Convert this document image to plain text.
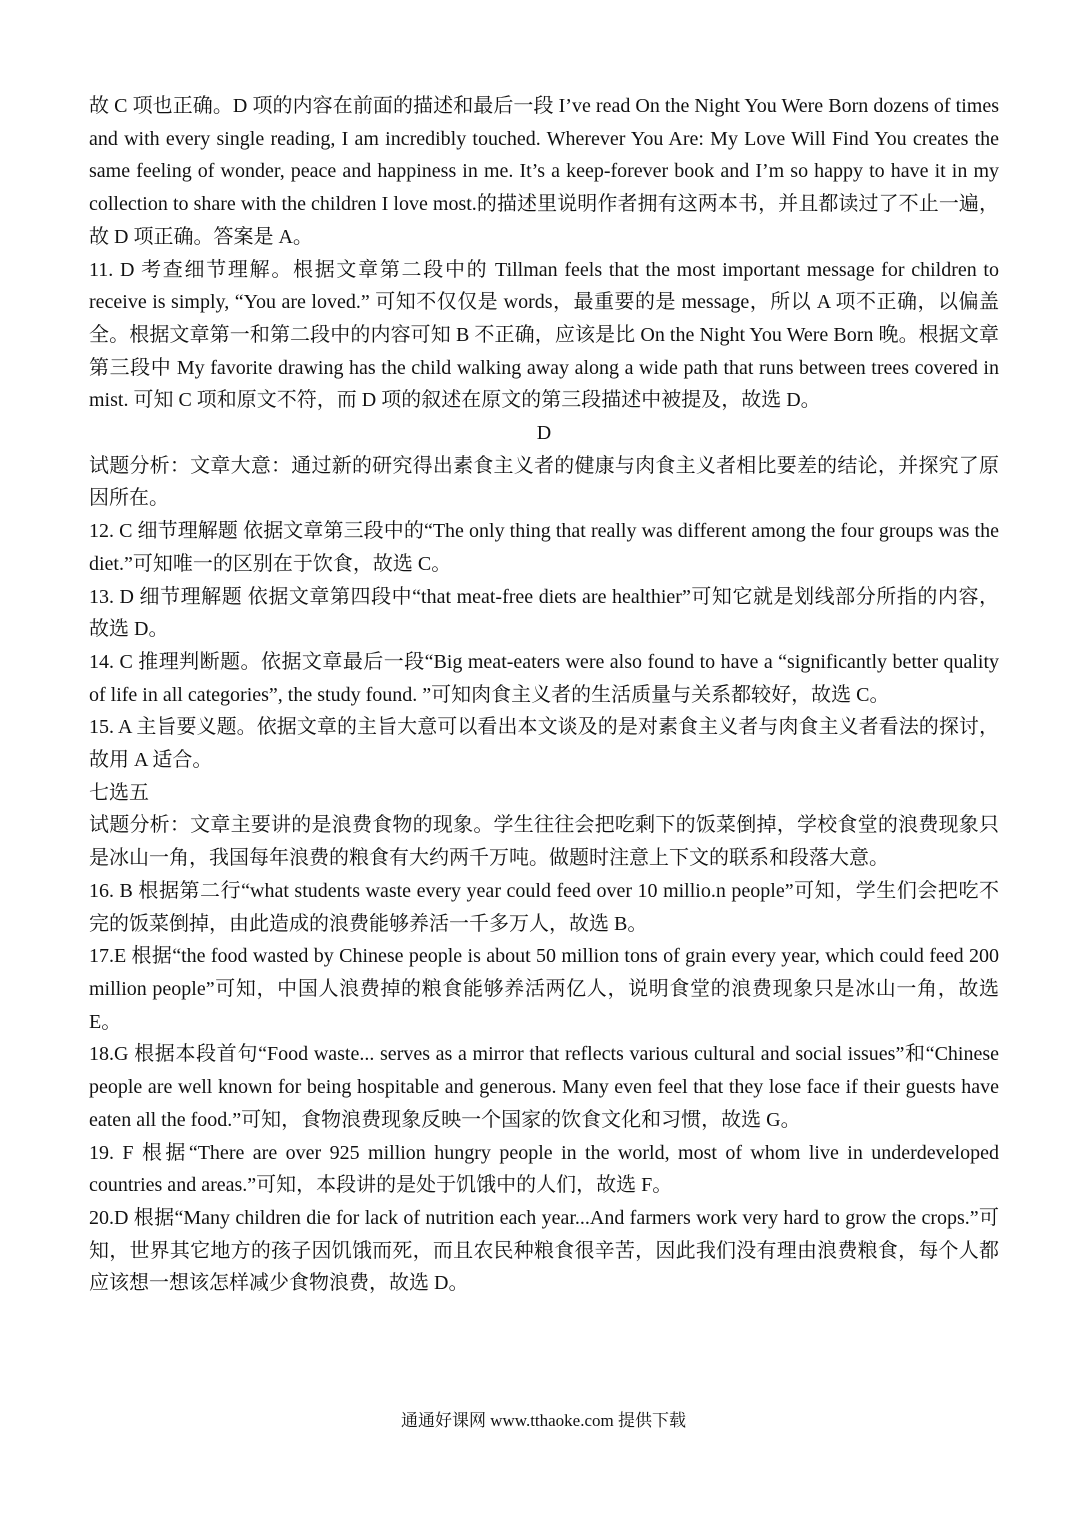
故 C 项也正确。D 项的内容在前面的描述和最后一段 I’ve read On the Night You Were Born dozens of times and with every single reading, I am incredibly touched. Wherever You Are: My Love Will Find You creates the same feeling of wonder, peace and happiness in me. It’s a keep-forever book and I’m so happy to have it in my collection to share with the children I love most.的描述里说明作者拥有这两本书，并且都读过了不止一遍，故 D 项正确。答案是 A。

11. D 考查细节理解。根据文章第二段中的 Tillman feels that the most important message for children to receive is simply, “You are loved.” 可知不仅仅是 words，最重要的是 message，所以 A 项不正确，以偏盖全。根据文章第一和第二段中的内容可知 B 不正确，应该是比 On the Night You Were Born 晚。根据文章第三段中 My favorite drawing has the child walking away along a wide path that runs between trees covered in mist. 可知 C 项和原文不符，而 D 项的叙述在原文的第三段描述中被提及，故选 D。

D

试题分析：文章大意：通过新的研究得出素食主义者的健康与肉食主义者相比要差的结论，并探究了原因所在。

12. C 细节理解题 依据文章第三段中的“The only thing that really was different among the four groups was the diet.”可知唯一的区别在于饮食，故选 C。

13. D 细节理解题 依据文章第四段中“that meat-free diets are healthier”可知它就是划线部分所指的内容，故选 D。

14. C 推理判断题。依据文章最后一段“Big meat-eaters were also found to have a “significantly better quality of life in all categories”, the study found. ”可知肉食主义者的生活质量与关系都较好，故选 C。

15. A 主旨要义题。依据文章的主旨大意可以看出本文谈及的是对素食主义者与肉食主义者看法的探讨，故用 A 适合。

七选五

试题分析：文章主要讲的是浪费食物的现象。学生往往会把吃剩下的饭菜倒掉，学校食堂的浪费现象只是冰山一角，我国每年浪费的粮食有大约两千万吨。做题时注意上下文的联系和段落大意。

16. B 根据第二行“what students waste every year could feed over 10 millio.n people”可知，学生们会把吃不完的饭菜倒掉，由此造成的浪费能够养活一千多万人，故选 B。

17.E 根据“the food wasted by Chinese people is about 50 million tons of grain every year, which could feed 200 million people”可知，中国人浪费掉的粮食能够养活两亿人，说明食堂的浪费现象只是冰山一角，故选 E。

18.G 根据本段首句“Food waste... serves as a mirror that reflects various cultural and social issues”和“Chinese people are well known for being hospitable and generous. Many even feel that they lose face if their guests have eaten all the food.”可知，食物浪费现象反映一个国家的饮食文化和习惯，故选 G。

19. F 根据“There are over 925 million hungry people in the world, most of whom live in underdeveloped countries and areas.”可知，本段讲的是处于饥饿中的人们，故选 F。

20.D 根据“Many children die for lack of nutrition each year...And farmers work very hard to grow the crops.”可知，世界其它地方的孩子因饥饿而死，而且农民种粮食很辛苦，因此我们没有理由浪费粮食，每个人都应该想一想该怎样减少食物浪费，故选 D。

通通好课网 www.tthaoke.com 提供下载
